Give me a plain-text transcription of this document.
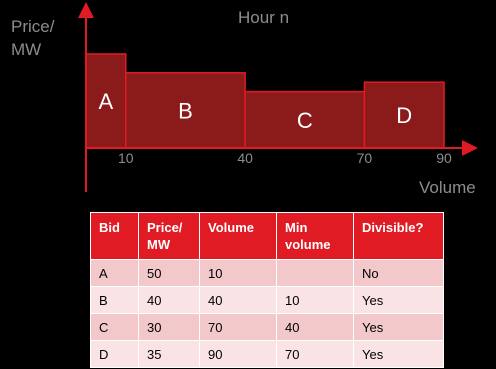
Price/ MW
Hour n
Volume
A	B	C	D
10	40	70	90
Bid	Price/ MW	Volume	Min volume	Divisible?
A	50	10		No
B	40	40	10	Yes
C	30	70	40	Yes
D	35	90	70	Yes
